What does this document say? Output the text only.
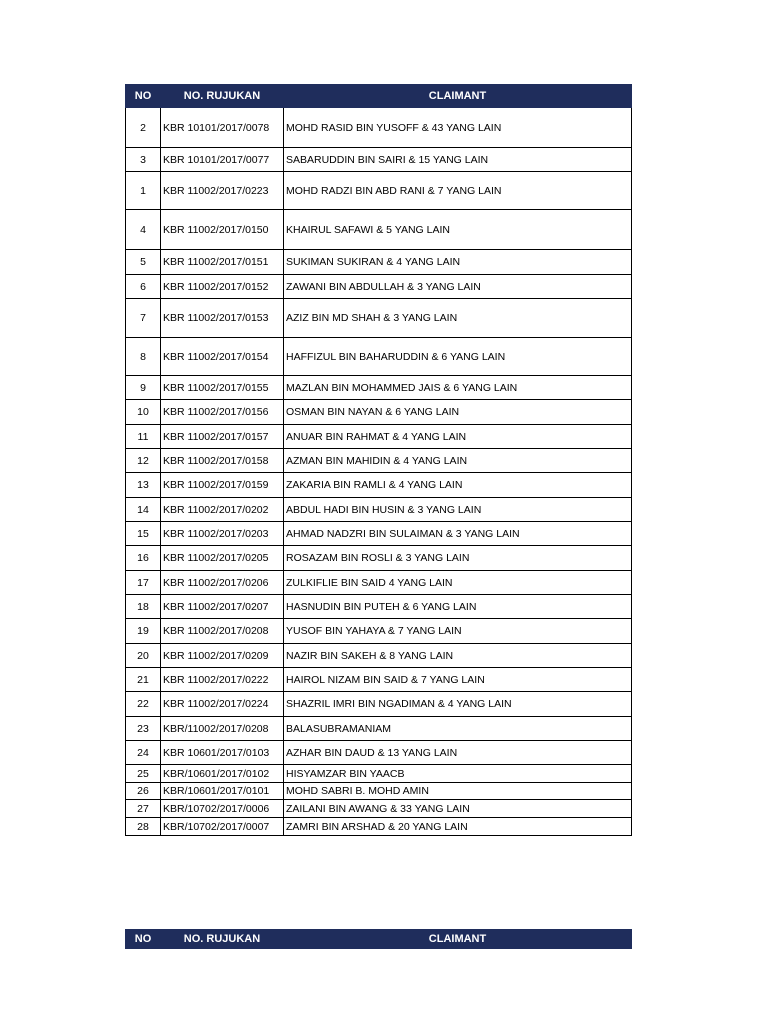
NO	NO. RUJUKAN	CLAIMANT
2	KBR 10101/2017/0078	MOHD RASID BIN YUSOFF & 43 YANG LAIN
3	KBR 10101/2017/0077	SABARUDDIN BIN SAIRI & 15 YANG LAIN
1	KBR 11002/2017/0223	MOHD RADZI BIN ABD RANI & 7 YANG LAIN
4	KBR 11002/2017/0150	KHAIRUL SAFAWI & 5 YANG LAIN
5	KBR 11002/2017/0151	SUKIMAN SUKIRAN & 4 YANG LAIN
6	KBR 11002/2017/0152	ZAWANI BIN ABDULLAH & 3 YANG LAIN
7	KBR 11002/2017/0153	AZIZ BIN MD SHAH & 3 YANG LAIN
8	KBR 11002/2017/0154	HAFFIZUL BIN BAHARUDDIN & 6 YANG LAIN
9	KBR 11002/2017/0155	MAZLAN BIN MOHAMMED JAIS & 6 YANG LAIN
10	KBR 11002/2017/0156	OSMAN BIN NAYAN & 6 YANG LAIN
11	KBR 11002/2017/0157	ANUAR BIN RAHMAT & 4 YANG LAIN
12	KBR 11002/2017/0158	AZMAN BIN MAHIDIN & 4 YANG LAIN
13	KBR 11002/2017/0159	ZAKARIA BIN RAMLI & 4 YANG LAIN
14	KBR 11002/2017/0202	ABDUL HADI BIN HUSIN & 3 YANG LAIN
15	KBR 11002/2017/0203	AHMAD NADZRI BIN SULAIMAN & 3 YANG LAIN
16	KBR 11002/2017/0205	ROSAZAM BIN ROSLI & 3 YANG LAIN
17	KBR 11002/2017/0206	ZULKIFLIE BIN SAID 4 YANG LAIN
18	KBR 11002/2017/0207	HASNUDIN BIN PUTEH & 6 YANG LAIN
19	KBR 11002/2017/0208	YUSOF BIN YAHAYA & 7 YANG LAIN
20	KBR 11002/2017/0209	NAZIR BIN SAKEH & 8 YANG LAIN
21	KBR 11002/2017/0222	HAIROL NIZAM BIN SAID & 7 YANG LAIN
22	KBR 11002/2017/0224	SHAZRIL IMRI BIN NGADIMAN & 4 YANG LAIN
23	KBR/11002/2017/0208	BALASUBRAMANIAM
24	KBR 10601/2017/0103	AZHAR BIN DAUD & 13 YANG LAIN
25	KBR/10601/2017/0102	HISYAMZAR BIN YAACB
26	KBR/10601/2017/0101	MOHD SABRI B. MOHD AMIN
27	KBR/10702/2017/0006	ZAILANI BIN AWANG & 33 YANG LAIN
28	KBR/10702/2017/0007	ZAMRI BIN ARSHAD & 20 YANG LAIN
NO	NO. RUJUKAN	CLAIMANT
